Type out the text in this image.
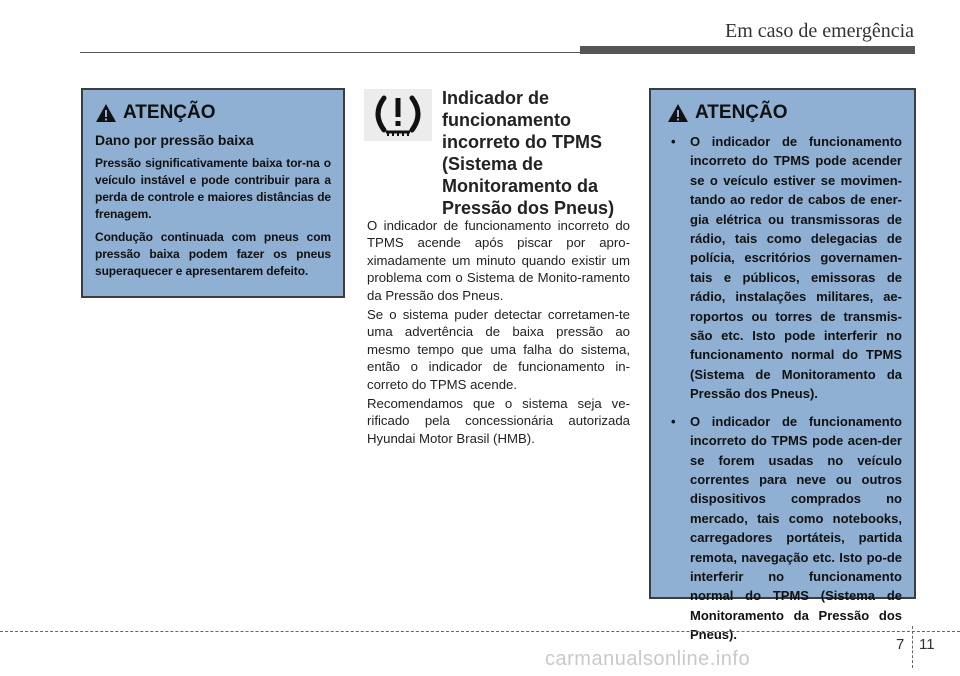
Em caso de emergência
ATENÇÃO
Dano por pressão baixa
Pressão significativamente baixa tor-na o veículo instável e pode contribuir para a perda de controle e maiores distâncias de frenagem.
Condução continuada com pneus com pressão baixa podem fazer os pneus superaquecer e apresentarem defeito.
Indicador de funcionamento incorreto do TPMS (Sistema de Monitoramento da Pressão dos Pneus)

O indicador de funcionamento incorreto do TPMS acende após piscar por apro-ximadamente um minuto quando existir um problema com o Sistema de Monito-ramento da Pressão dos Pneus.

Se o sistema puder detectar corretamen-te uma advertência de baixa pressão ao mesmo tempo que uma falha do sistema, então o indicador de funcionamento in-correto do TPMS acende.

Recomendamos que o sistema seja ve-rificado pela concessionária autorizada Hyundai Motor Brasil (HMB).

ATENÇÃO
• O indicador de funcionamento incorreto do TPMS pode acender se o veículo estiver se movimen-tando ao redor de cabos de ener-gia elétrica ou transmissoras de rádio, tais como delegacias de polícia, escritórios governamen-tais e públicos, emissoras de rádio, instalações militares, ae-roportos ou torres de transmis-são etc. Isto pode interferir no funcionamento normal do TPMS (Sistema de Monitoramento da Pressão dos Pneus).
• O indicador de funcionamento incorreto do TPMS pode acen-der se forem usadas no veículo correntes para neve ou outros dispositivos comprados no mercado, tais como notebooks, carregadores portáteis, partida remota, navegação etc. Isto po-de interferir no funcionamento normal do TPMS (Sistema de Monitoramento da Pressão dos Pneus).
7 11
carmanualsonline.info
